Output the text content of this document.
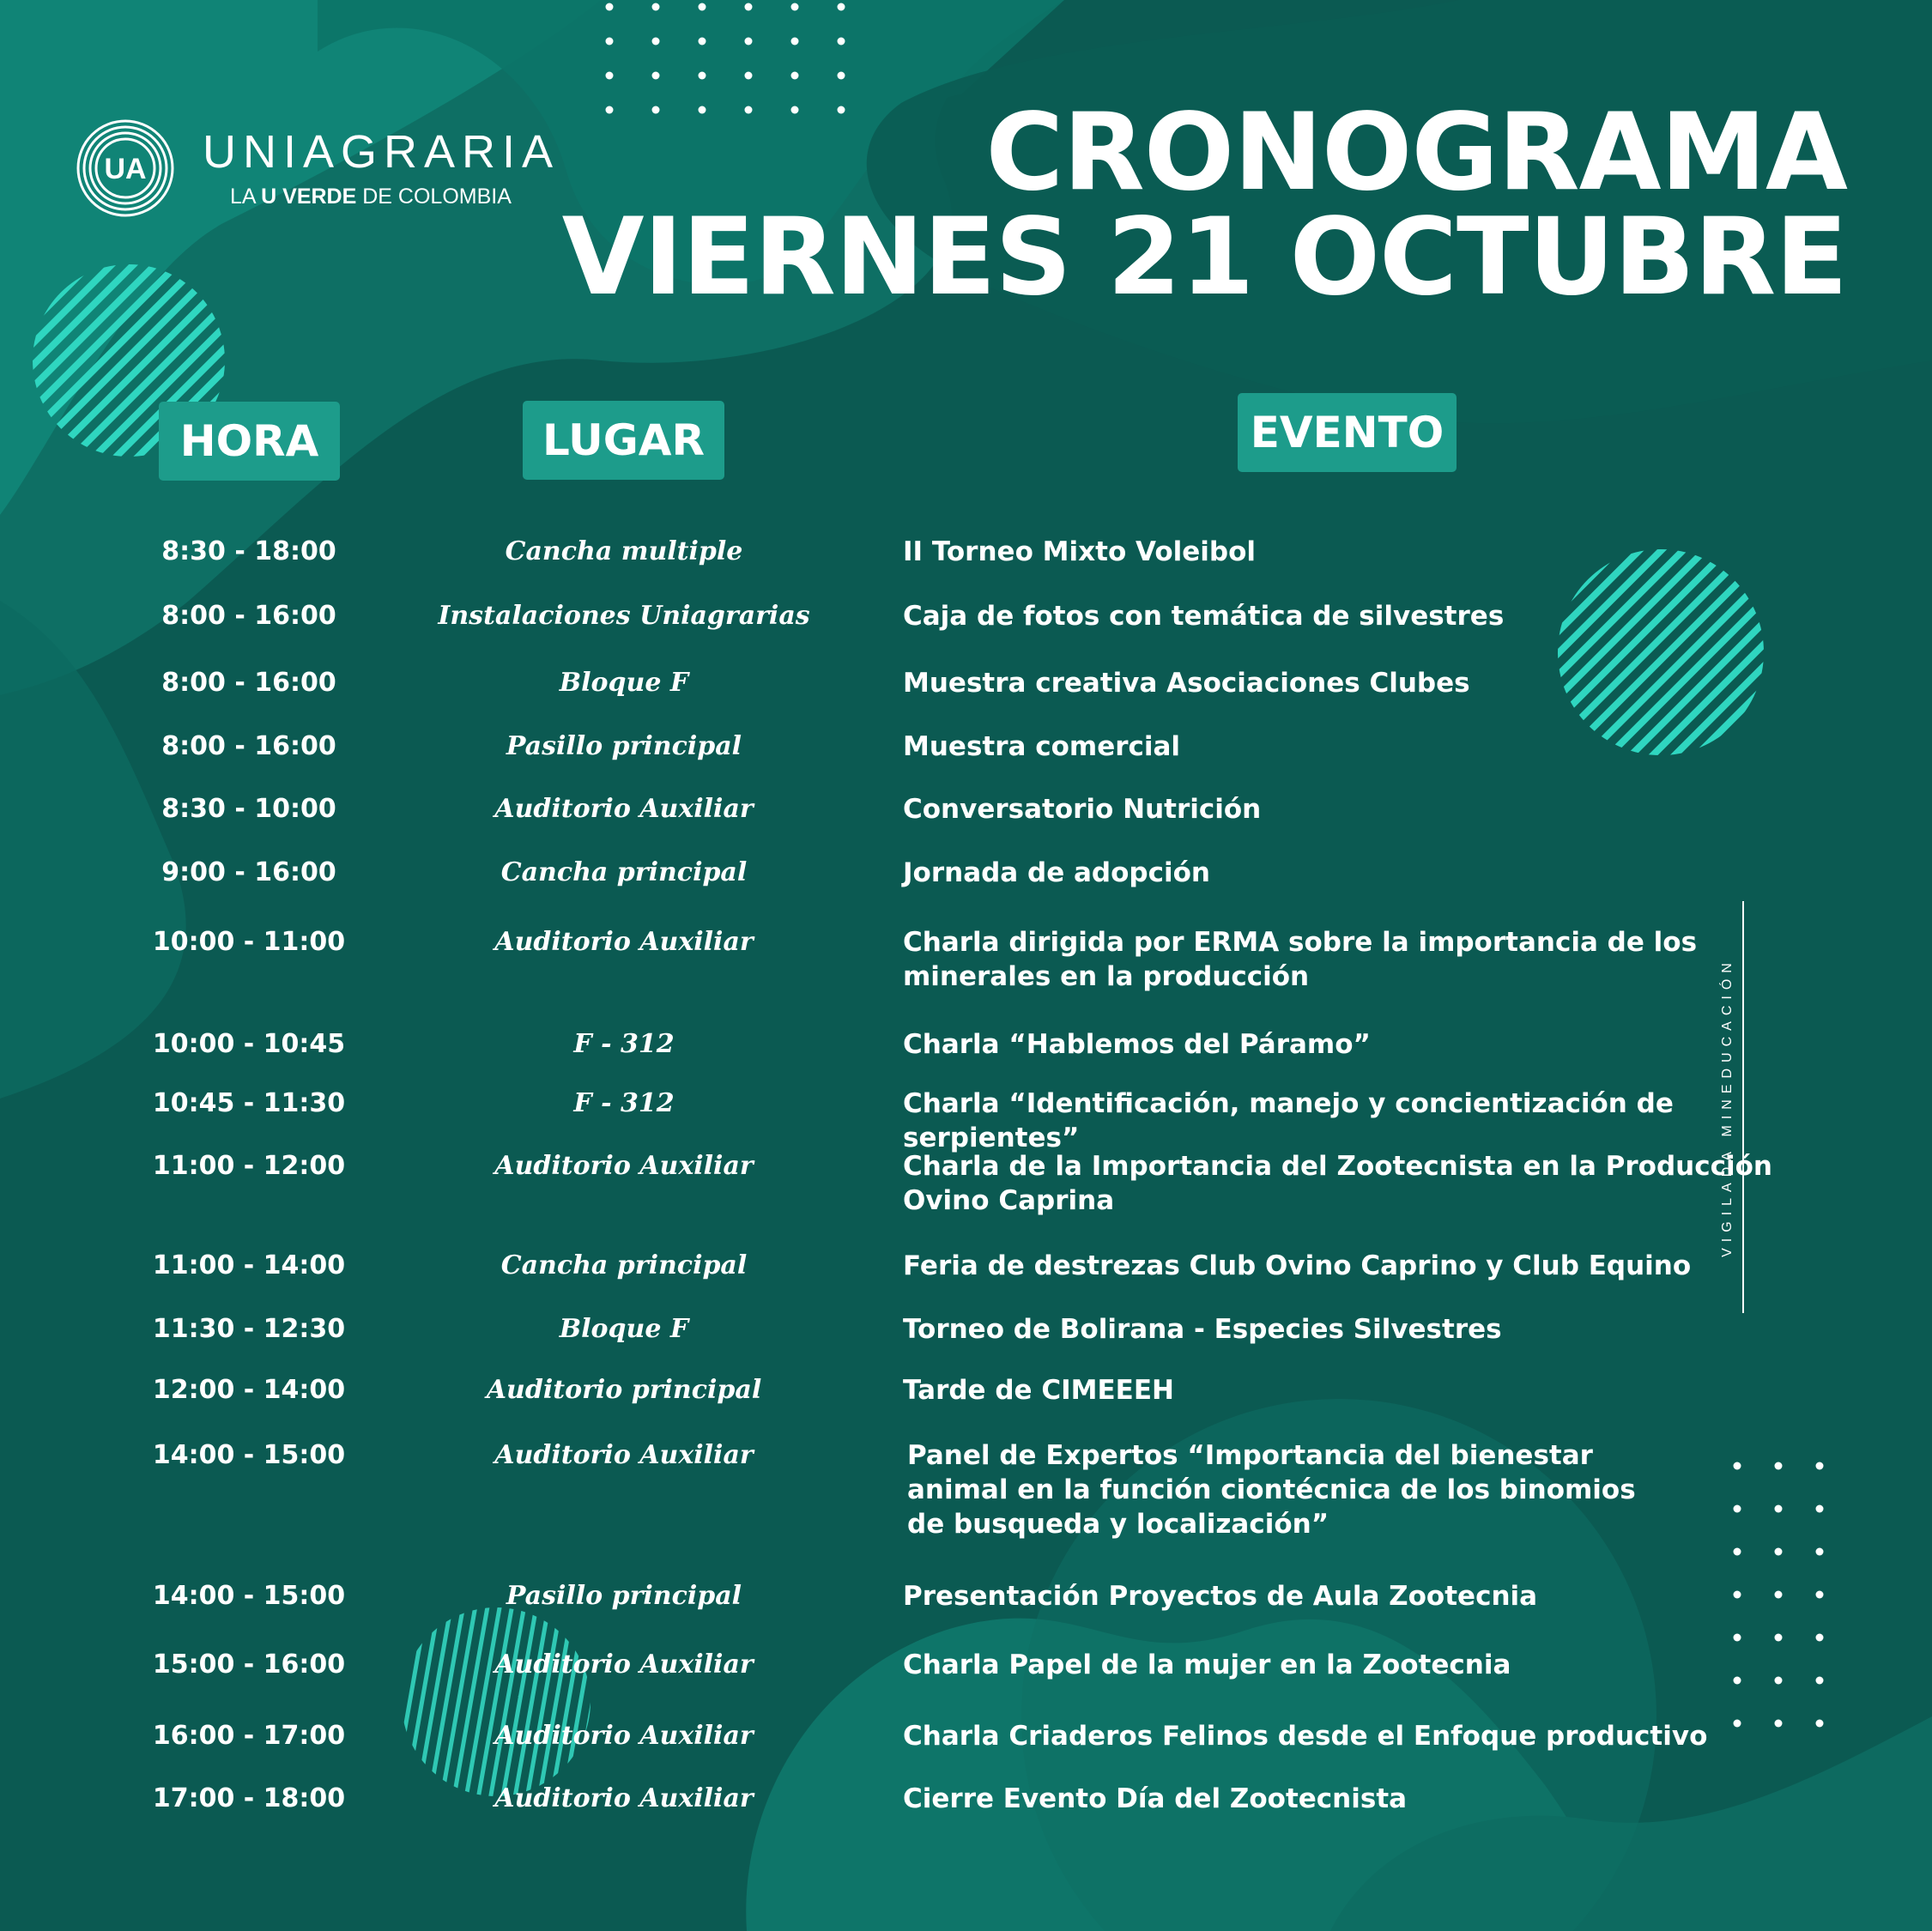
UA UNIAGRARIA
LA U VERDE DE COLOMBIA	CRONOGRAMA
VIERNES 21 OCTUBRE
HORA	LUGAR	EVENTO
8:30 - 18:00	Cancha multiple	II Torneo Mixto Voleibol
8:00 - 16:00	Instalaciones Uniagrarias	Caja de fotos con temática de silvestres
8:00 - 16:00	Bloque F	Muestra creativa Asociaciones Clubes
8:00 - 16:00	Pasillo principal	Muestra comercial
8:30 - 10:00	Auditorio Auxiliar	Conversatorio Nutrición
9:00 - 16:00	Cancha principal	Jornada de adopción
10:00 - 11:00	Auditorio Auxiliar	Charla dirigida por ERMA sobre la importancia de los
minerales en la producción
10:00 - 10:45	F - 312	Charla “Hablemos del Páramo”
10:45 - 11:30	F - 312	Charla “Identificación, manejo y concientización de serpientes”
11:00 - 12:00	Auditorio Auxiliar	Charla de la Importancia del Zootecnista en la Producción
Ovino Caprina
11:00 - 14:00	Cancha principal	Feria de destrezas Club Ovino Caprino y Club Equino
11:30 - 12:30	Bloque F	Torneo de Bolirana - Especies Silvestres
12:00 - 14:00	Auditorio principal	Tarde de CIMEEEH
14:00 - 15:00	Auditorio Auxiliar	Panel de Expertos “Importancia del bienestar
animal en la función ciontécnica de los binomios
de busqueda y localización”
14:00 - 15:00	Pasillo principal	Presentación Proyectos de Aula Zootecnia
15:00 - 16:00	Auditorio Auxiliar	Charla Papel de la mujer en la Zootecnia
16:00 - 17:00	Auditorio Auxiliar	Charla Criaderos Felinos desde el Enfoque productivo
17:00 - 18:00	Auditorio Auxiliar	Cierre Evento Día del Zootecnista
VIGILADA MINEDUCACIÓN
